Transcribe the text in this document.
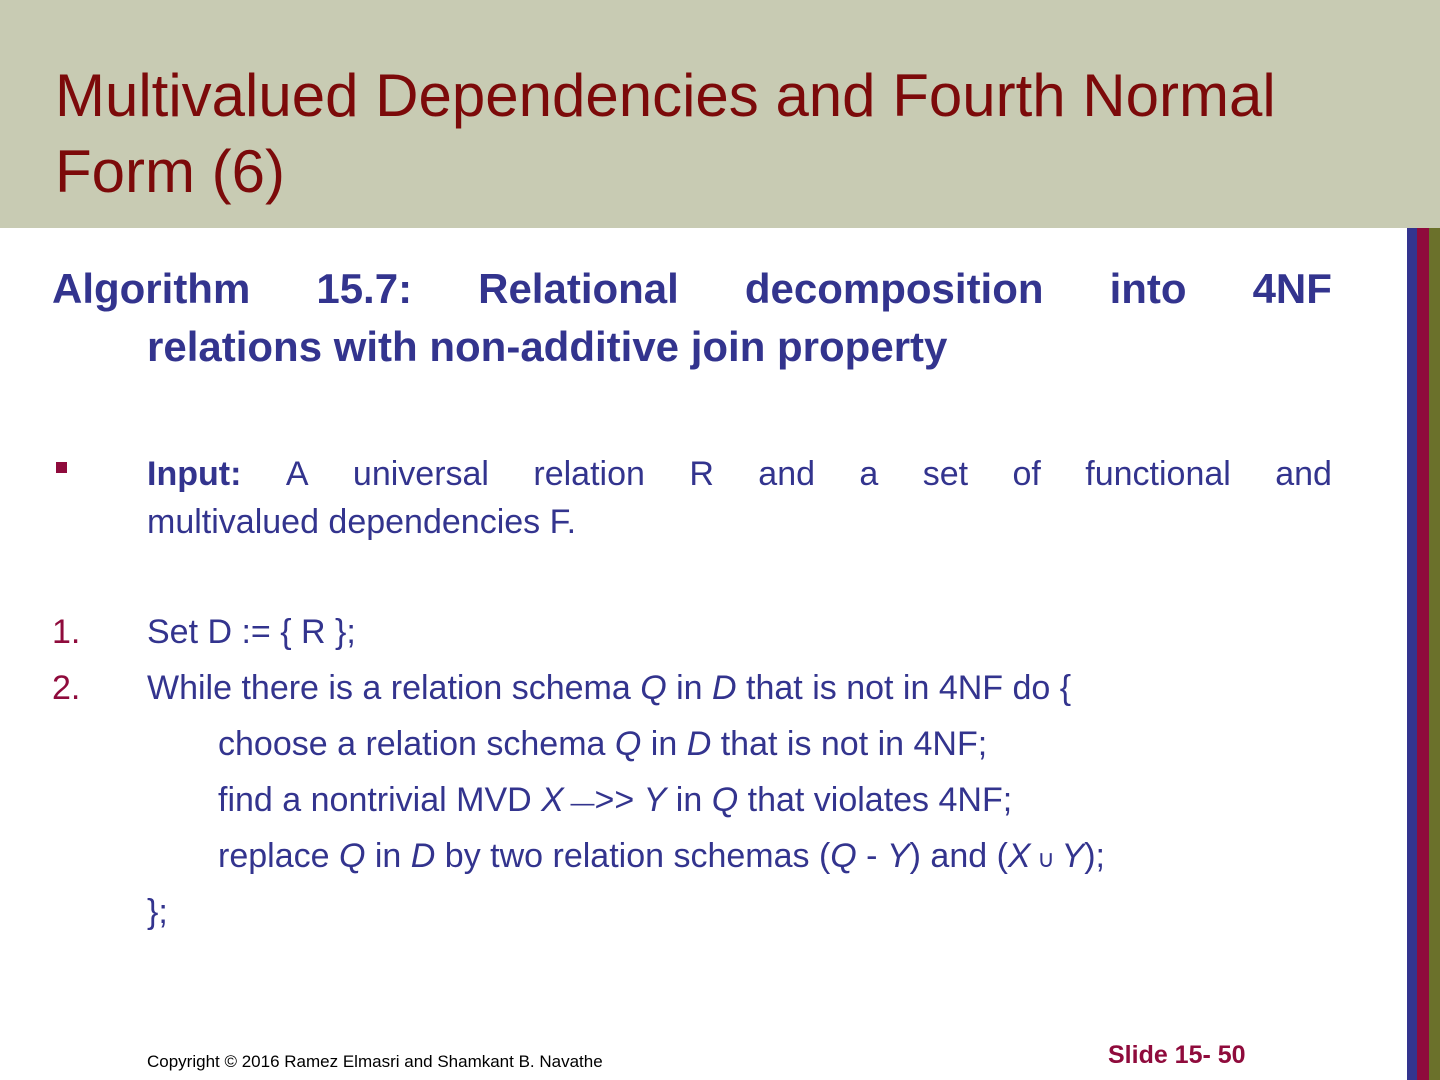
Multivalued Dependencies and Fourth Normal Form (6)
Algorithm 15.7: Relational decomposition into 4NF
relations with non-additive join property
Input: A universal relation R and a set of functional and
multivalued dependencies F.
1. Set D := { R };
2. While there is a relation schema Q in D that is not in 4NF do {
choose a relation schema Q in D that is not in 4NF;
find a nontrivial MVD X —>> Y in Q that violates 4NF;
replace Q in D by two relation schemas (Q - Y) and (X ∪ Y);
};
Copyright © 2016 Ramez Elmasri and Shamkant B. Navathe	Slide 15- 50
